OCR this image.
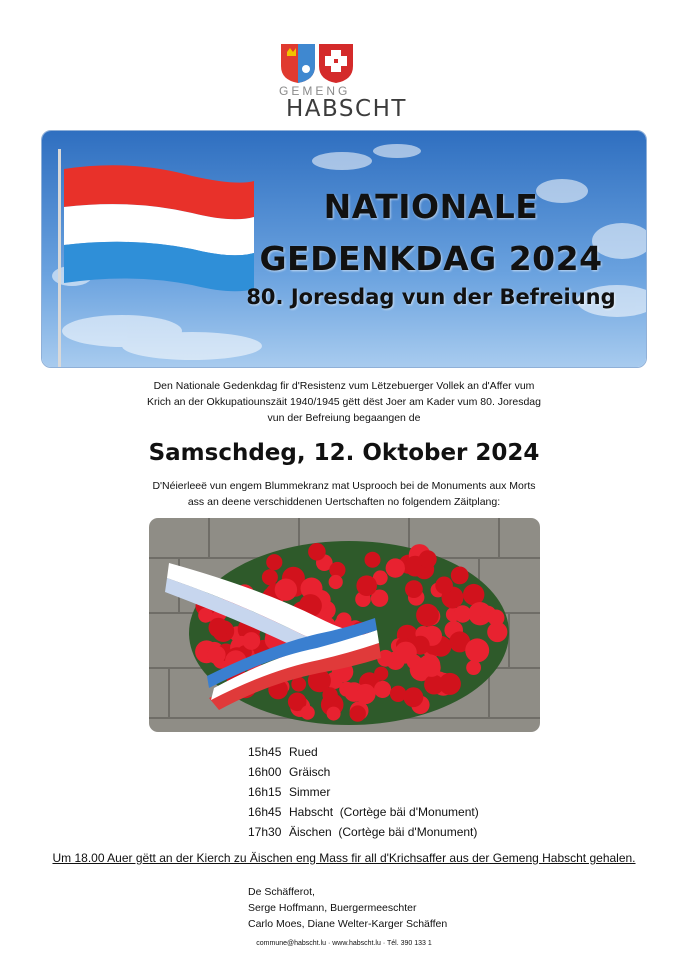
GEMENG
HABSCHT
NATIONALE
GEDENKDAG 2024
80. Joresdag vun der Befreiung
Den Nationale Gedenkdag fir d'Resistenz vum Lëtzebuerger Vollek an d'Affer vum
Krich an der Okkupatiounszäit 1940/1945 gëtt dëst Joer am Kader vum 80. Joresdag
vun der Befreiung begaangen de
Samschdeg, 12. Oktober 2024
D'Néierleeë vun engem Blummekranz mat Usprooch bei de Monuments aux Morts
ass an deene verschiddenen Uertschaften no folgendem Zäitplang:
15h45 Rued
16h00 Gräisch
16h15 Simmer
16h45 Habscht  (Cortège bäi d'Monument)
17h30 Äischen  (Cortège bäi d'Monument)
Um 18.00 Auer gëtt an der Kierch zu Äischen eng Mass fir all d'Krichsaffer aus der Gemeng Habscht gehalen.
De Schäfferot,
Serge Hoffmann, Buergermeeschter
Carlo Moes, Diane Welter-Karger Schäffen
commune@habscht.lu · www.habscht.lu · Tél. 390 133 1
